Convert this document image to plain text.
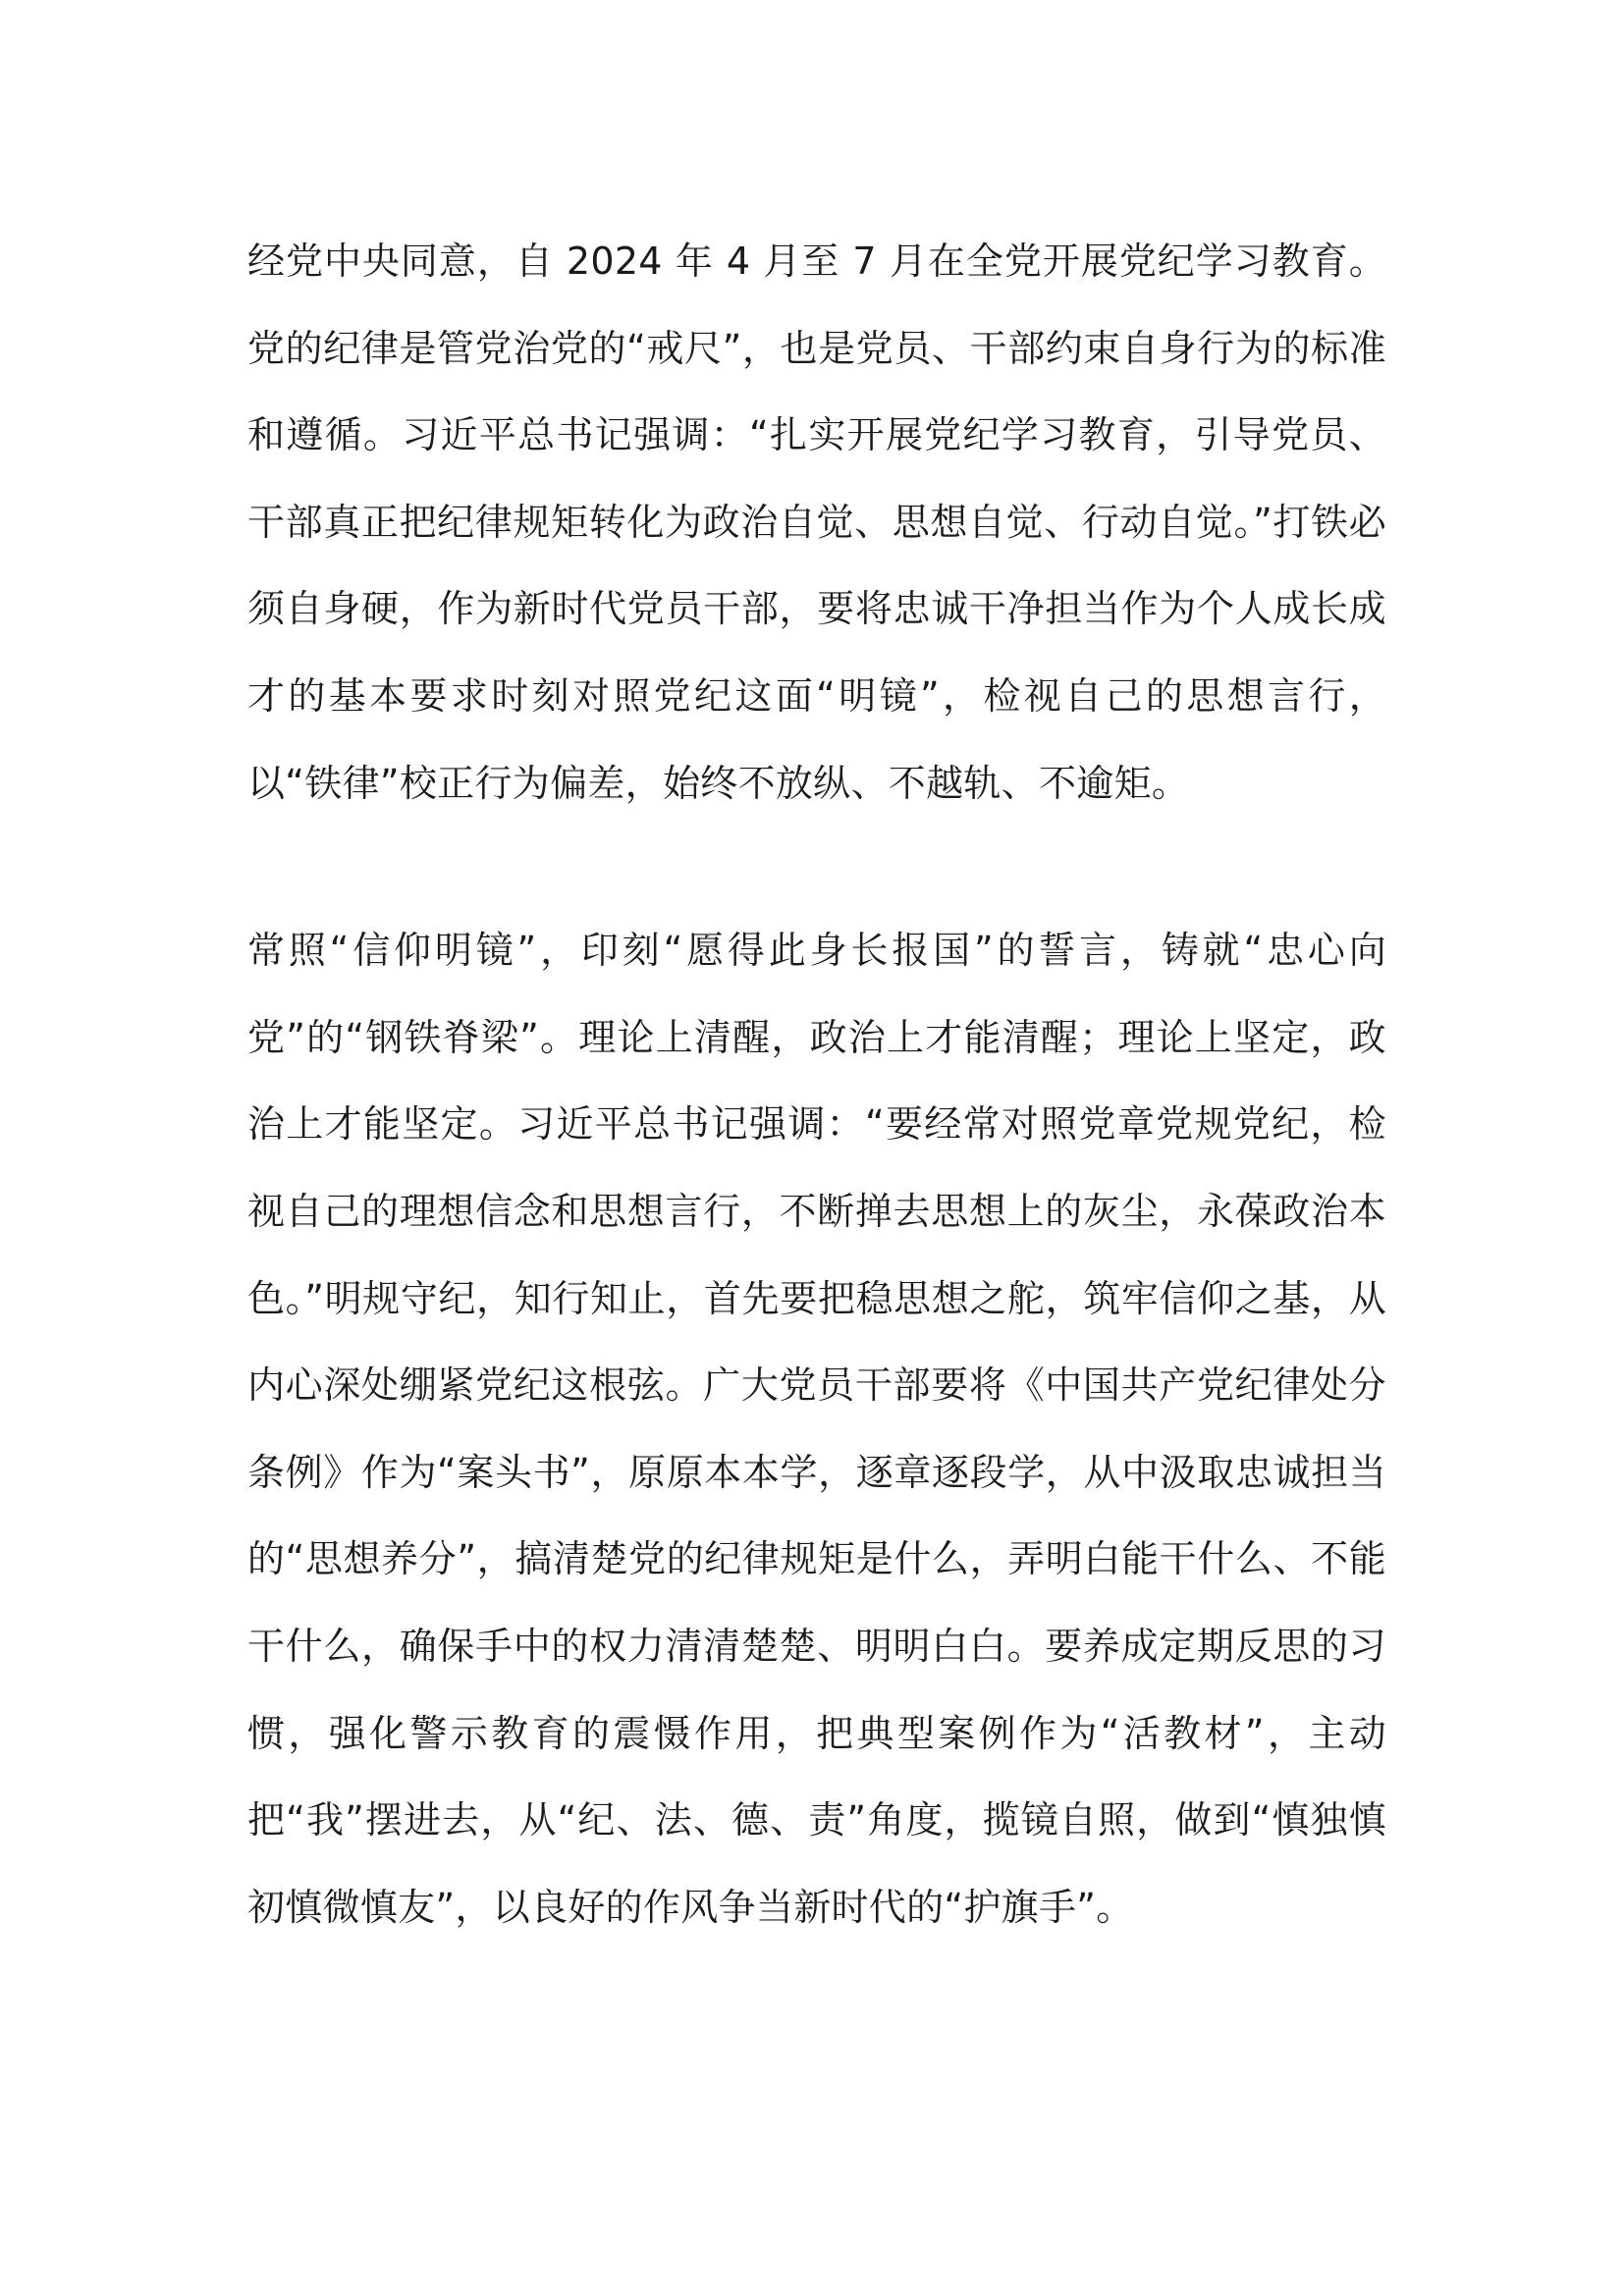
经党中央同意，自 2024 年 4 月至 7 月在全党开展党纪学习教育。党的纪律是管党治党的“戒尺”，也是党员、干部约束自身行为的标准和遵循。习近平总书记强调：“扎实开展党纪学习教育，引导党员、干部真正把纪律规矩转化为政治自觉、思想自觉、行动自觉。”打铁必须自身硬，作为新时代党员干部，要将忠诚干净担当作为个人成长成才的基本要求时刻对照党纪这面“明镜”，检视自己的思想言行，以“铁律”校正行为偏差，始终不放纵、不越轨、不逾矩。

常照“信仰明镜”，印刻“愿得此身长报国”的誓言，铸就“忠心向党”的“钢铁脊梁”。理论上清醒，政治上才能清醒；理论上坚定，政治上才能坚定。习近平总书记强调：“要经常对照党章党规党纪，检视自己的理想信念和思想言行，不断掸去思想上的灰尘，永葆政治本色。”明规守纪，知行知止，首先要把稳思想之舵，筑牢信仰之基，从内心深处绷紧党纪这根弦。广大党员干部要将《中国共产党纪律处分条例》作为“案头书”，原原本本学，逐章逐段学，从中汲取忠诚担当的“思想养分”，搞清楚党的纪律规矩是什么，弄明白能干什么、不能干什么，确保手中的权力清清楚楚、明明白白。要养成定期反思的习惯，强化警示教育的震慑作用，把典型案例作为“活教材”，主动把“我”摆进去，从“纪、法、德、责”角度，揽镜自照，做到“慎独慎初慎微慎友”，以良好的作风争当新时代的“护旗手”。
